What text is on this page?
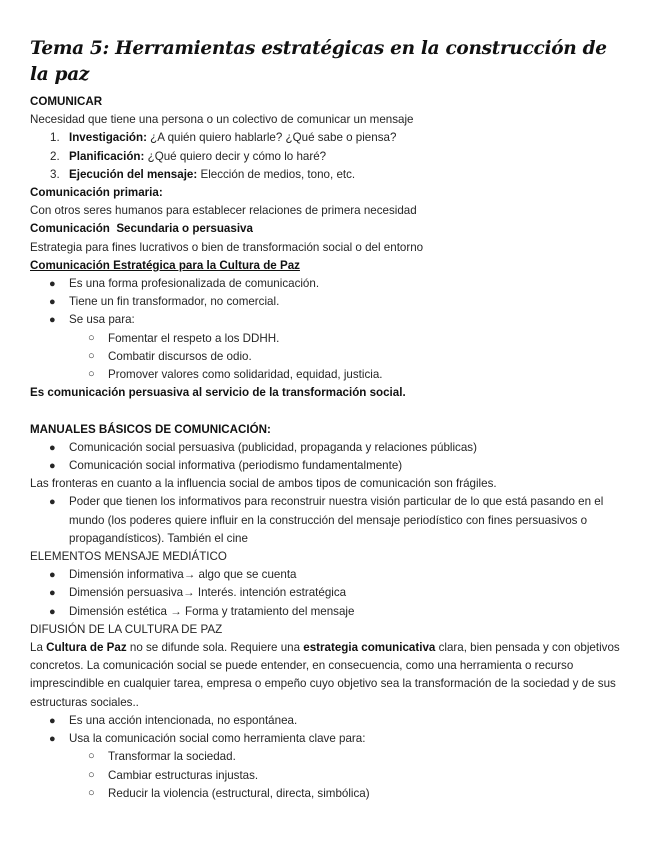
Tema 5: Herramientas estratégicas en la construcción de la paz

COMUNICAR

Necesidad que tiene una persona o un colectivo de comunicar un mensaje

1. Investigación: ¿A quién quiero hablarle? ¿Qué sabe o piensa?
2. Planificación: ¿Qué quiero decir y cómo lo haré?
3. Ejecución del mensaje: Elección de medios, tono, etc.

Comunicación primaria:

Con otros seres humanos para establecer relaciones de primera necesidad

Comunicación  Secundaria o persuasiva

Estrategia para fines lucrativos o bien de transformación social o del entorno

Comunicación Estratégica para la Cultura de Paz

● Es una forma profesionalizada de comunicación.
● Tiene un fin transformador, no comercial.
● Se usa para:
○ Fomentar el respeto a los DDHH.
○ Combatir discursos de odio.
○ Promover valores como solidaridad, equidad, justicia.

Es comunicación persuasiva al servicio de la transformación social.

MANUALES BÁSICOS DE COMUNICACIÓN:

● Comunicación social persuasiva (publicidad, propaganda y relaciones públicas)
● Comunicación social informativa (periodismo fundamentalmente)

Las fronteras en cuanto a la influencia social de ambos tipos de comunicación son frágiles.

● Poder que tienen los informativos para reconstruir nuestra visión particular de lo que está pasando en el mundo (los poderes quiere influir en la construcción del mensaje periodístico con fines persuasivos o propagandísticos). También el cine

ELEMENTOS MENSAJE MEDIÁTICO

● Dimensión informativa→ algo que se cuenta
● Dimensión persuasiva→ Interés. intención estratégica
● Dimensión estética → Forma y tratamiento del mensaje

DIFUSIÓN DE LA CULTURA DE PAZ

La Cultura de Paz no se difunde sola. Requiere una estrategia comunicativa clara, bien pensada y con objetivos concretos. La comunicación social se puede entender, en consecuencia, como una herramienta o recurso imprescindible en cualquier tarea, empresa o empeño cuyo objetivo sea la transformación de la sociedad y de sus estructuras sociales..

● Es una acción intencionada, no espontánea.
● Usa la comunicación social como herramienta clave para:
○ Transformar la sociedad.
○ Cambiar estructuras injustas.
○ Reducir la violencia (estructural, directa, simbólica)
